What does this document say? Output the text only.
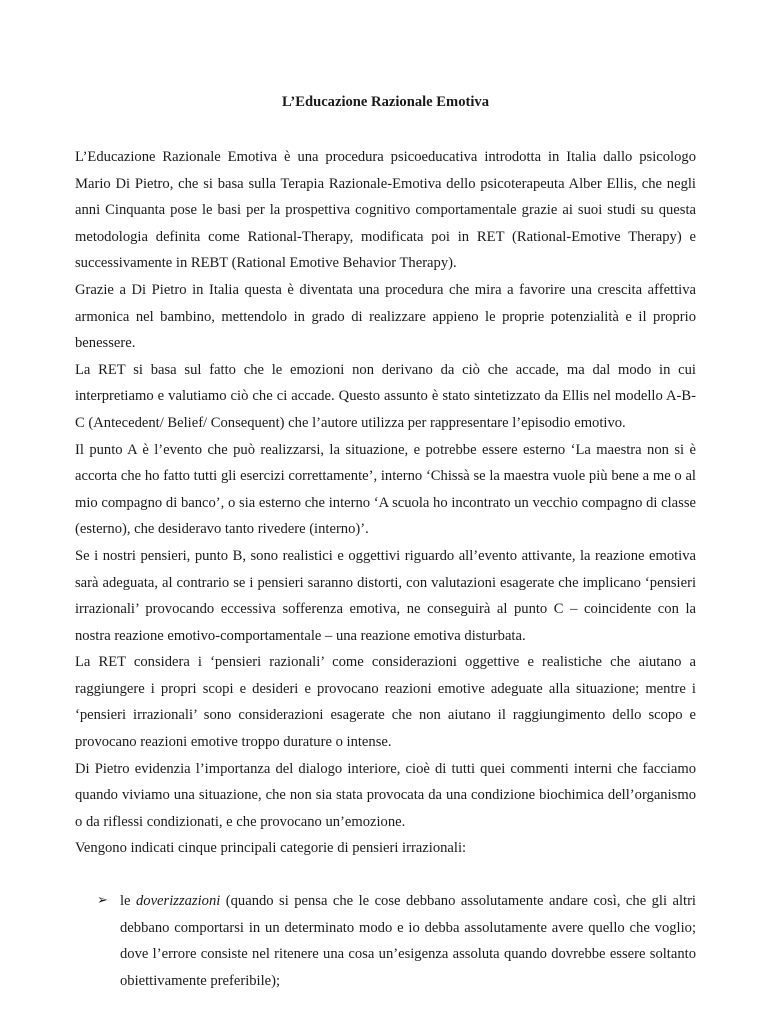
L’Educazione Razionale Emotiva

L’Educazione Razionale Emotiva è una procedura psicoeducativa introdotta in Italia dallo psicologo Mario Di Pietro, che si basa sulla Terapia Razionale-Emotiva dello psicoterapeuta Alber Ellis, che negli anni Cinquanta pose le basi per la prospettiva cognitivo comportamentale grazie ai suoi studi su questa metodologia definita come Rational-Therapy, modificata poi in RET (Rational-Emotive Therapy) e successivamente in REBT (Rational Emotive Behavior Therapy).

Grazie a Di Pietro in Italia questa è diventata una procedura che mira a favorire una crescita affettiva armonica nel bambino, mettendolo in grado di realizzare appieno le proprie potenzialità e il proprio benessere.

La RET si basa sul fatto che le emozioni non derivano da ciò che accade, ma dal modo in cui interpretiamo e valutiamo ciò che ci accade. Questo assunto è stato sintetizzato da Ellis nel modello A-B-C (Antecedent/ Belief/ Consequent) che l’autore utilizza per rappresentare l’episodio emotivo.

Il punto A è l’evento che può realizzarsi, la situazione, e potrebbe essere esterno ‘La maestra non si è accorta che ho fatto tutti gli esercizi correttamente’, interno ‘Chissà se la maestra vuole più bene a me o al mio compagno di banco’, o sia esterno che interno ‘A scuola ho incontrato un vecchio compagno di classe (esterno), che desideravo tanto rivedere (interno)’.

Se i nostri pensieri, punto B, sono realistici e oggettivi riguardo all’evento attivante, la reazione emotiva sarà adeguata, al contrario se i pensieri saranno distorti, con valutazioni esagerate che implicano ‘pensieri irrazionali’ provocando eccessiva sofferenza emotiva, ne conseguirà al punto C – coincidente con la nostra reazione emotivo-comportamentale – una reazione emotiva disturbata.

La RET considera i ‘pensieri razionali’ come considerazioni oggettive e realistiche che aiutano a raggiungere i propri scopi e desideri e provocano reazioni emotive adeguate alla situazione; mentre i ‘pensieri irrazionali’ sono considerazioni esagerate che non aiutano il raggiungimento dello scopo e provocano reazioni emotive troppo durature o intense.

Di Pietro evidenzia l’importanza del dialogo interiore, cioè di tutti quei commenti interni che facciamo quando viviamo una situazione, che non sia stata provocata da una condizione biochimica dell’organismo o da riflessi condizionati, e che provocano un’emozione.

Vengono indicati cinque principali categorie di pensieri irrazionali:

➢ le doverizzazioni (quando si pensa che le cose debbano assolutamente andare così, che gli altri debbano comportarsi in un determinato modo e io debba assolutamente avere quello che voglio; dove l’errore consiste nel ritenere una cosa un’esigenza assoluta quando dovrebbe essere soltanto obiettivamente preferibile);
